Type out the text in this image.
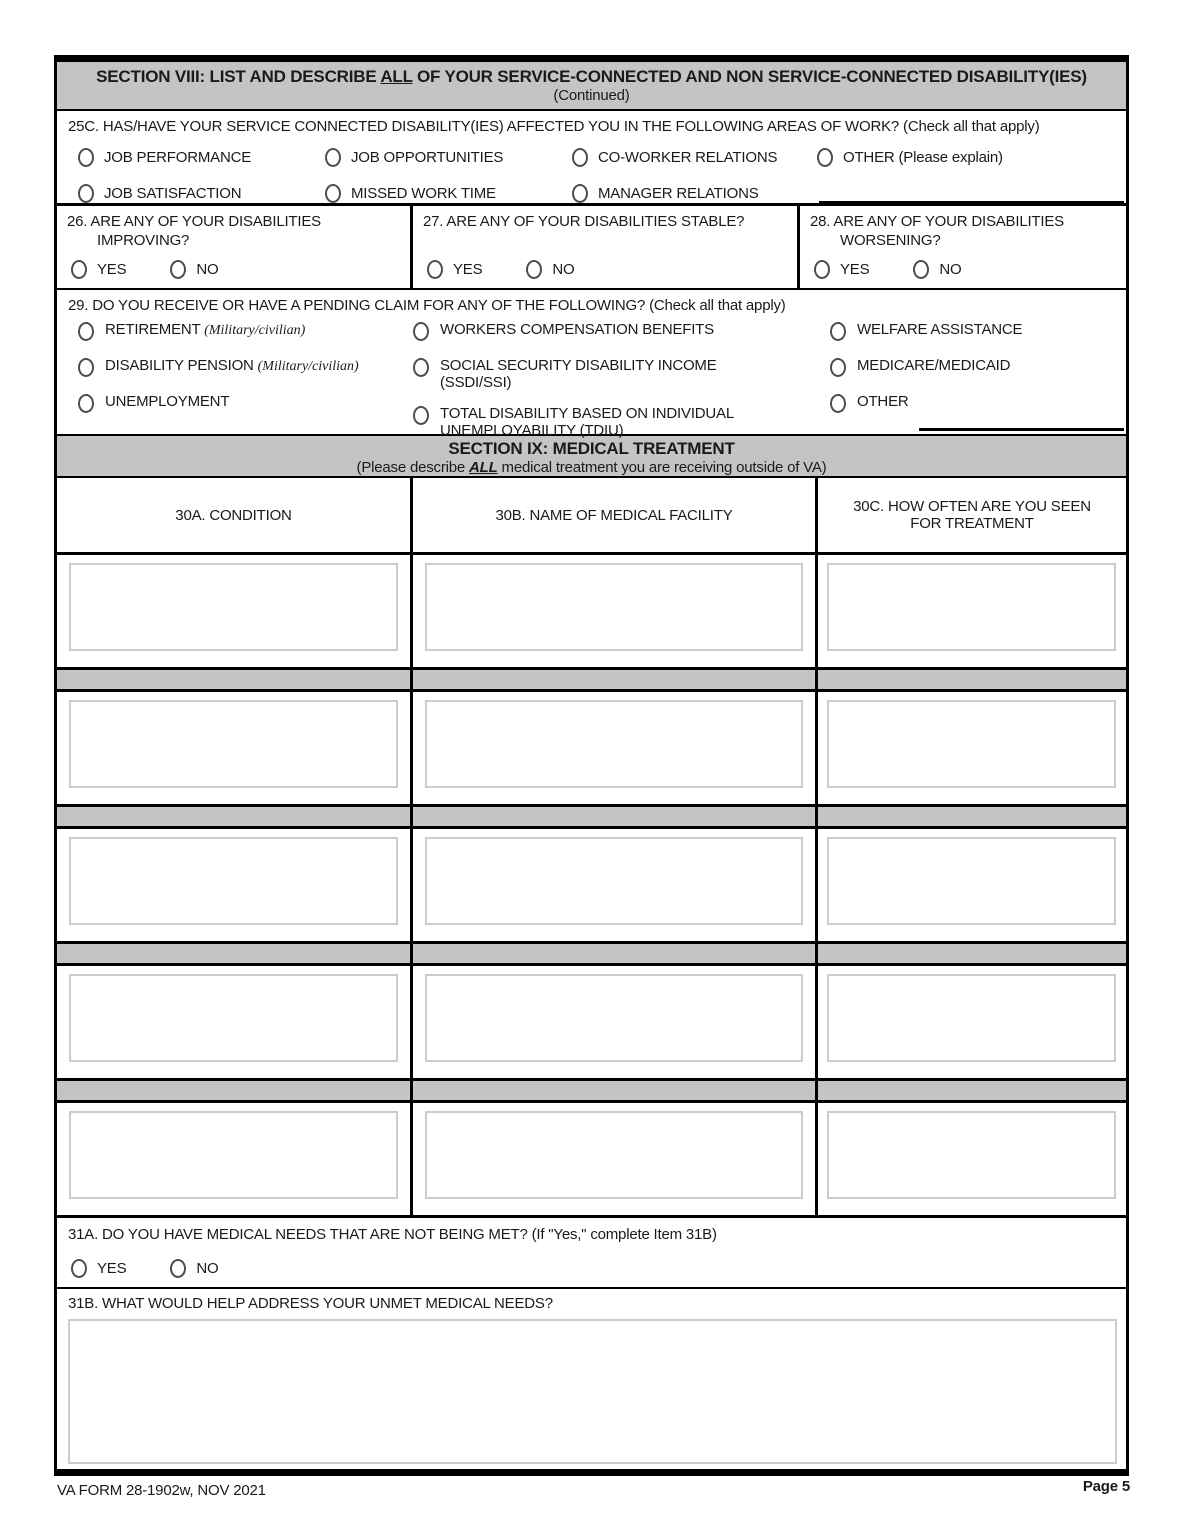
SECTION VIII: LIST AND DESCRIBE ALL OF YOUR SERVICE-CONNECTED AND NON SERVICE-CONNECTED DISABILITY(IES)
(Continued)
25C. HAS/HAVE YOUR SERVICE CONNECTED DISABILITY(IES) AFFECTED YOU IN THE FOLLOWING AREAS OF WORK? (Check all that apply)
JOB PERFORMANCE	JOB OPPORTUNITIES	CO-WORKER RELATIONS	OTHER (Please explain)
JOB SATISFACTION	MISSED WORK TIME	MANAGER RELATIONS
26. ARE ANY OF YOUR DISABILITIES IMPROVING?
YES	NO
27. ARE ANY OF YOUR DISABILITIES STABLE?
YES	NO
28. ARE ANY OF YOUR DISABILITIES WORSENING?
YES	NO
29. DO YOU RECEIVE OR HAVE A PENDING CLAIM FOR ANY OF THE FOLLOWING? (Check all that apply)
RETIREMENT (Military/civilian)
DISABILITY PENSION (Military/civilian)
UNEMPLOYMENT
WORKERS COMPENSATION BENEFITS
SOCIAL SECURITY DISABILITY INCOME (SSDI/SSI)
TOTAL DISABILITY BASED ON INDIVIDUAL UNEMPLOYABILITY (TDIU)
WELFARE ASSISTANCE
MEDICARE/MEDICAID
OTHER
SECTION IX: MEDICAL TREATMENT
(Please describe ALL medical treatment you are receiving outside of VA)
30A. CONDITION	30B. NAME OF MEDICAL FACILITY	30C. HOW OFTEN ARE YOU SEEN FOR TREATMENT
31A. DO YOU HAVE MEDICAL NEEDS THAT ARE NOT BEING MET? (If "Yes," complete Item 31B)
YES	NO
31B. WHAT WOULD HELP ADDRESS YOUR UNMET MEDICAL NEEDS?
VA FORM 28-1902w, NOV 2021	Page 5
